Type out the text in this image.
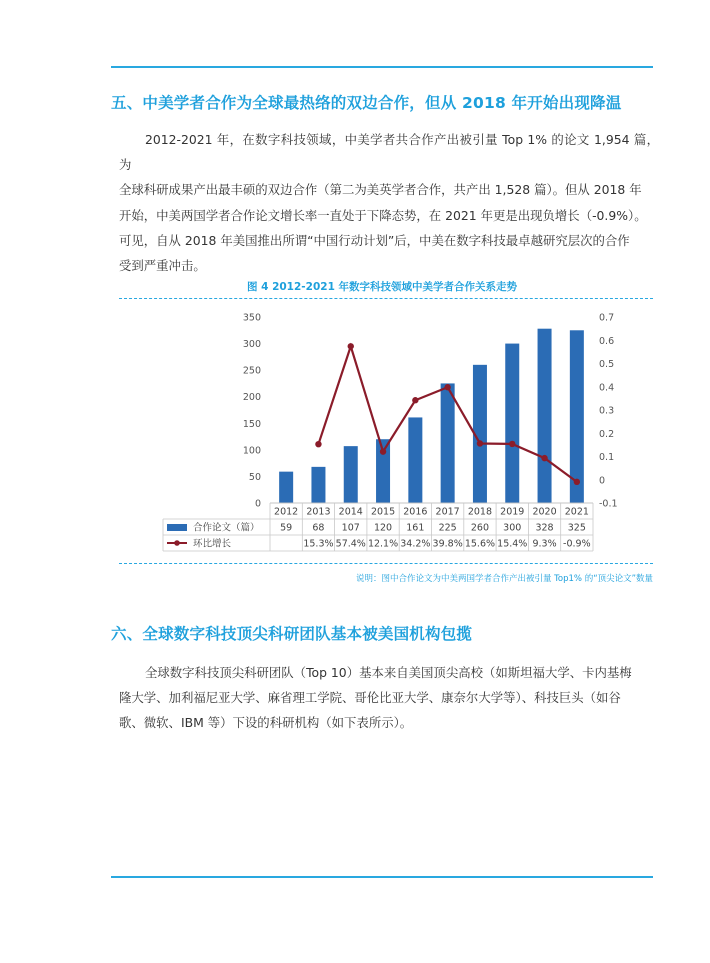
五、中美学者合作为全球最热络的双边合作，但从 2018 年开始出现降温
2012-2021 年，在数字科技领域，中美学者共合作产出被引量 Top 1% 的论文 1,954 篇，为
全球科研成果产出最丰硕的双边合作（第二为美英学者合作，共产出 1,528 篇）。但从 2018 年
开始，中美两国学者合作论文增长率一直处于下降态势，在 2021 年更是出现负增长（-0.9%）。
可见，自从 2018 年美国推出所谓“中国行动计划”后，中美在数字科技最卓越研究层次的合作
受到严重冲击。
图 4 2012-2021 年数字科技领域中美学者合作关系走势
0
50
100
150
200
250
300
350
-0.1
0
0.1
0.2
0.3
0.4
0.5
0.6
0.7
2012 2013 2014 2015 2016 2017 2018 2019 2020 2021
59 68 107 120 161 225 260 300 328 325
15.3% 57.4% 12.1% 34.2% 39.8% 15.6% 15.4% 9.3% -0.9%
合作论文（篇）
环比增长
说明：图中合作论文为中美两国学者合作产出被引量 Top1% 的“顶尖论文”数量
六、全球数字科技顶尖科研团队基本被美国机构包揽
全球数字科技顶尖科研团队（Top 10）基本来自美国顶尖高校（如斯坦福大学、卡内基梅
隆大学、加利福尼亚大学、麻省理工学院、哥伦比亚大学、康奈尔大学等）、科技巨头（如谷
歌、微软、IBM 等）下设的科研机构（如下表所示）。
